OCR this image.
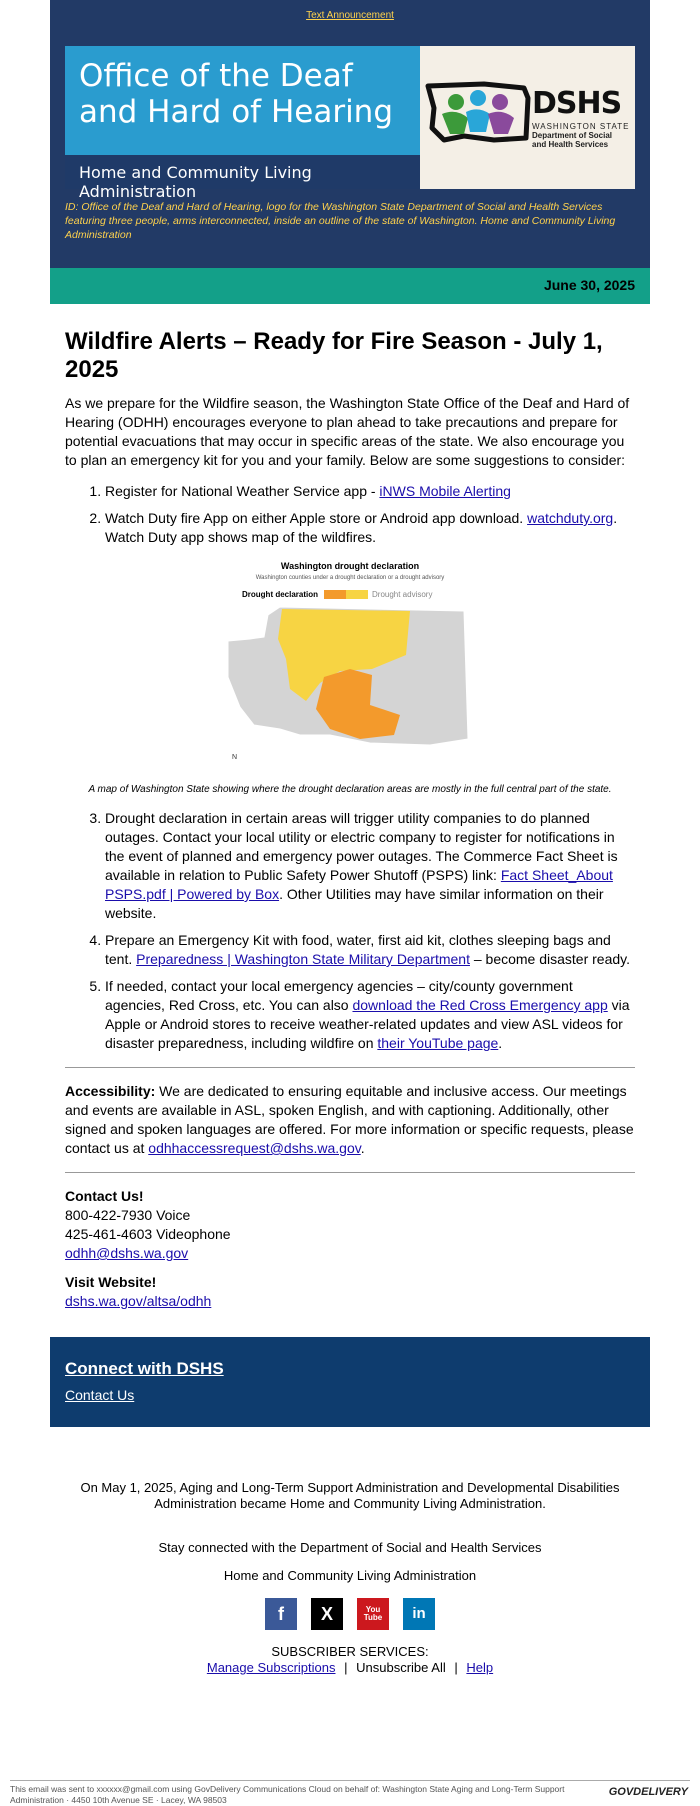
Text Announcement
Office of the Deaf
and Hard of Hearing
Home and Community Living Administration
DSHS
WASHINGTON STATE
Department of Social
and Health Services
ID: Office of the Deaf and Hard of Hearing, logo for the Washington State Department of Social and Health Services featuring three people, arms interconnected, inside an outline of the state of Washington. Home and Community Living Administration
June 30, 2025
Wildfire Alerts – Ready for Fire Season - July 1, 2025

As we prepare for the Wildfire season, the Washington State Office of the Deaf and Hard of Hearing (ODHH) encourages everyone to plan ahead to take precautions and prepare for potential evacuations that may occur in specific areas of the state. We also encourage you to plan an emergency kit for you and your family. Below are some suggestions to consider:

1. Register for National Weather Service app - iNWS Mobile Alerting
2. Watch Duty fire App on either Apple store or Android app download. watchduty.org. Watch Duty app shows map of the wildfires.
Washington drought declaration
Washington counties under a drought declaration or a drought advisory
Drought declaration	Drought advisory
N

A map of Washington State showing where the drought declaration areas are mostly in the full central part of the state.

3. Drought declaration in certain areas will trigger utility companies to do planned outages. Contact your local utility or electric company to register for notifications in the event of planned and emergency power outages. The Commerce Fact Sheet is available in relation to Public Safety Power Shutoff (PSPS) link: Fact Sheet_About PSPS.pdf | Powered by Box. Other Utilities may have similar information on their website.
4. Prepare an Emergency Kit with food, water, first aid kit, clothes sleeping bags and tent. Preparedness | Washington State Military Department – become disaster ready.
5. If needed, contact your local emergency agencies – city/county government agencies, Red Cross, etc. You can also download the Red Cross Emergency app via Apple or Android stores to receive weather-related updates and view ASL videos for disaster preparedness, including wildfire on their YouTube page.

Accessibility: We are dedicated to ensuring equitable and inclusive access. Our meetings and events are available in ASL, spoken English, and with captioning. Additionally, other signed and spoken languages are offered. For more information or specific requests, please contact us at odhhaccessrequest@dshs.wa.gov.

Contact Us!

800-422-7930 Voice

425-461-4603 Videophone

odhh@dshs.wa.gov

Visit Website!

dshs.wa.gov/altsa/odhh

Connect with DSHS
Contact Us

On May 1, 2025, Aging and Long-Term Support Administration and Developmental Disabilities Administration became Home and Community Living Administration.

Stay connected with the Department of Social and Health Services

Home and Community Living Administration

f	X	You Tube	in

SUBSCRIBER SERVICES:

Manage Subscriptions | Unsubscribe All | Help

This email was sent to xxxxxx@gmail.com using GovDelivery Communications Cloud on behalf of: Washington State Aging and Long-Term Support Administration · 4450 10th Avenue SE · Lacey, WA 98503
GOVDELIVERY
